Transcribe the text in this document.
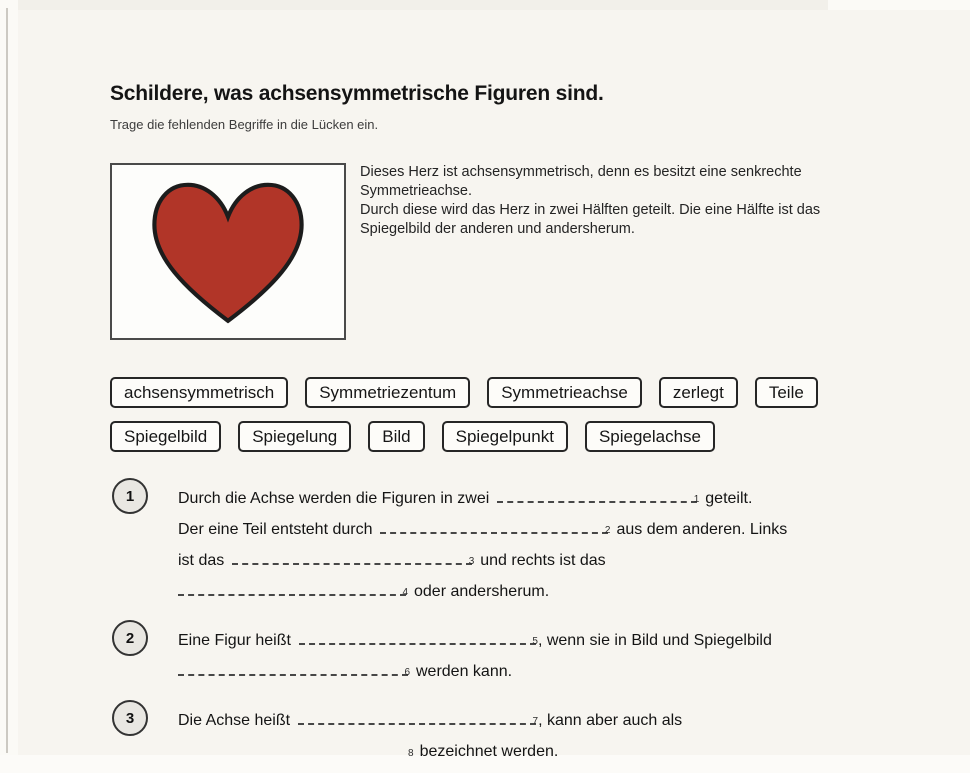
Schildere, was achsensymmetrische Figuren sind.
Trage die fehlenden Begriffe in die Lücken ein.
Dieses Herz ist achsensymmetrisch, denn es besitzt eine senkrechte
Symmetrieachse.
Durch diese wird das Herz in zwei Hälften geteilt. Die eine Hälfte ist das
Spiegelbild der anderen und andersherum.
achsensymmetrisch	Symmetriezentum	Symmetrieachse	zerlegt	Teile
Spiegelbild	Spiegelung	Bild	Spiegelpunkt	Spiegelachse
1
2
3
Durch die Achse werden die Figuren in zwei	1 geteilt.
Der eine Teil entsteht durch	2 aus dem anderen. Links
ist das	3 und rechts ist das
4 oder andersherum.
Eine Figur heißt	5 , wenn sie in Bild und Spiegelbild
6 werden kann.
Die Achse heißt	7 , kann aber auch als
8 bezeichnet werden.
